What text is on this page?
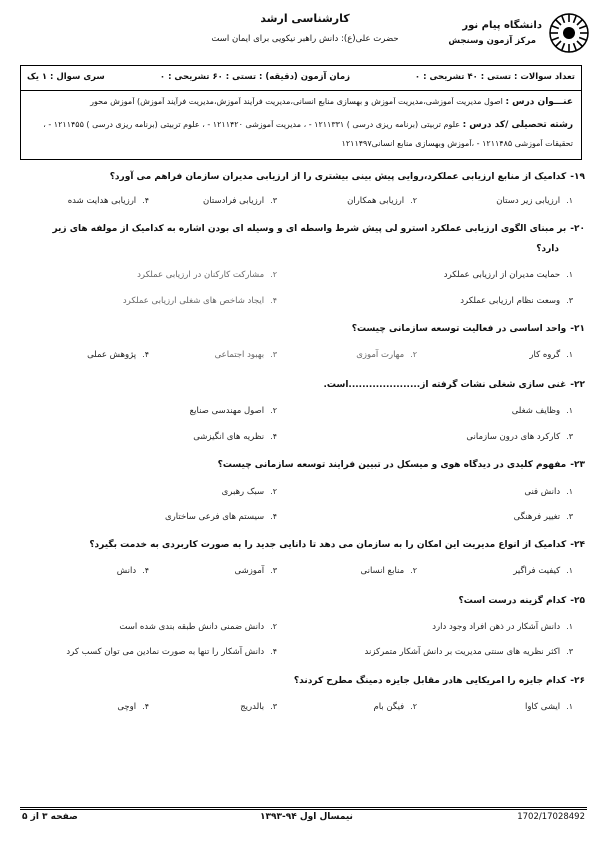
دانشگاه پیام نور
مرکز آزمون وسنجش
کارشناسی ارشد
حضرت علی(ع): دانش راهبر نیکویی برای ایمان است
تعداد سوالات : تستی : ۴۰ تشریحی : ۰
زمان آزمون (دقیقه) : تستی : ۶۰ تشریحی : ۰
سری سوال : ۱ یک
عنـــوان درس : اصول مدیریت آموزشی،مدیریت آموزش و بهسازی منابع انسانی،مدیریت فرآیند آموزش،مدیریت فرآیند آموزش) آموزش محور
رشته تحصیلی /کد درس : علوم تربیتی (برنامه ریزی درسی ) ۱۲۱۱۳۳۱ - ، مدیریت آموزشی ۱۲۱۱۴۲۰ - ، علوم تربیتی (برنامه ریزی درسی ) ۱۲۱۱۴۵۵ - ،
تحقیقات آموزشی ۱۲۱۱۴۸۵ - ،آموزش وبهسازی منابع انسانی۱۲۱۱۴۹۷
۱۹-کدامیک از منابع ارزیابی عملکرد،روایی پیش بینی بیشتری را از ارزیابی مدیران سازمان فراهم می آورد؟
۱.ارزیابی زیر دستان
۲.ارزیابی همکاران
۳.ارزیابی فرادستان
۴.ارزیابی هدایت شده
۲۰-بر مبنای الگوی ارزیابی عملکرد استرو لی پیش شرط واسطه ای و وسیله ای بودن اشاره به کدامیک از مولفه های زیر
دارد؟
۱.حمایت مدیران از ارزیابی عملکرد
۲.مشارکت کارکنان در ارزیابی عملکرد
۳.وسعت نظام ارزیابی عملکرد
۴.ایجاد شاخص های شغلی ارزیابی عملکرد
۲۱-واحد اساسی در فعالیت توسعه سازمانی چیست؟
۱.گروه کار
۲.مهارت آموزی
۳.بهبود اجتماعی
۴.پژوهش عملی
۲۲-غنی سازی شغلی نشات گرفته از.....................است.
۱.وظایف شغلی
۲.اصول مهندسی صنایع
۳.کارکرد های درون سازمانی
۴.نظریه های انگیزشی
۲۳-مفهوم کلیدی در دیدگاه هوی و میسکل در تبیین فرایند توسعه سازمانی چیست؟
۱.دانش فنی
۲.سبک رهبری
۳.تغییر فرهنگی
۴.سیستم های فرعی ساختاری
۲۴-کدامیک از انواع مدیریت این امکان را به سازمان می دهد تا دانایی جدید را به صورت کاربردی به خدمت بگیرد؟
۱.کیفیت فراگیر
۲.منابع انسانی
۳.آموزشی
۴.دانش
۲۵-کدام گزینه درست است؟
۱.دانش آشکار در ذهن افراد وجود دارد
۲.دانش ضمنی دانش طبقه بندی شده است
۳.اکثر نظریه های سنتی مدیریت بر دانش آشکار متمرکزند
۴.دانش آشکار را تنها به صورت نمادین می توان کسب کرد
۲۶-کدام جایزه را امریکایی هادر مقابل جایزه دمینگ مطرح کردند؟
۱.ایشی کاوا
۲.فیگن بام
۳.بالدریج
۴.اوچی
صفحه ۳ از ۵	نیمسال اول ۹۴-۱۳۹۳	1702/17028492
